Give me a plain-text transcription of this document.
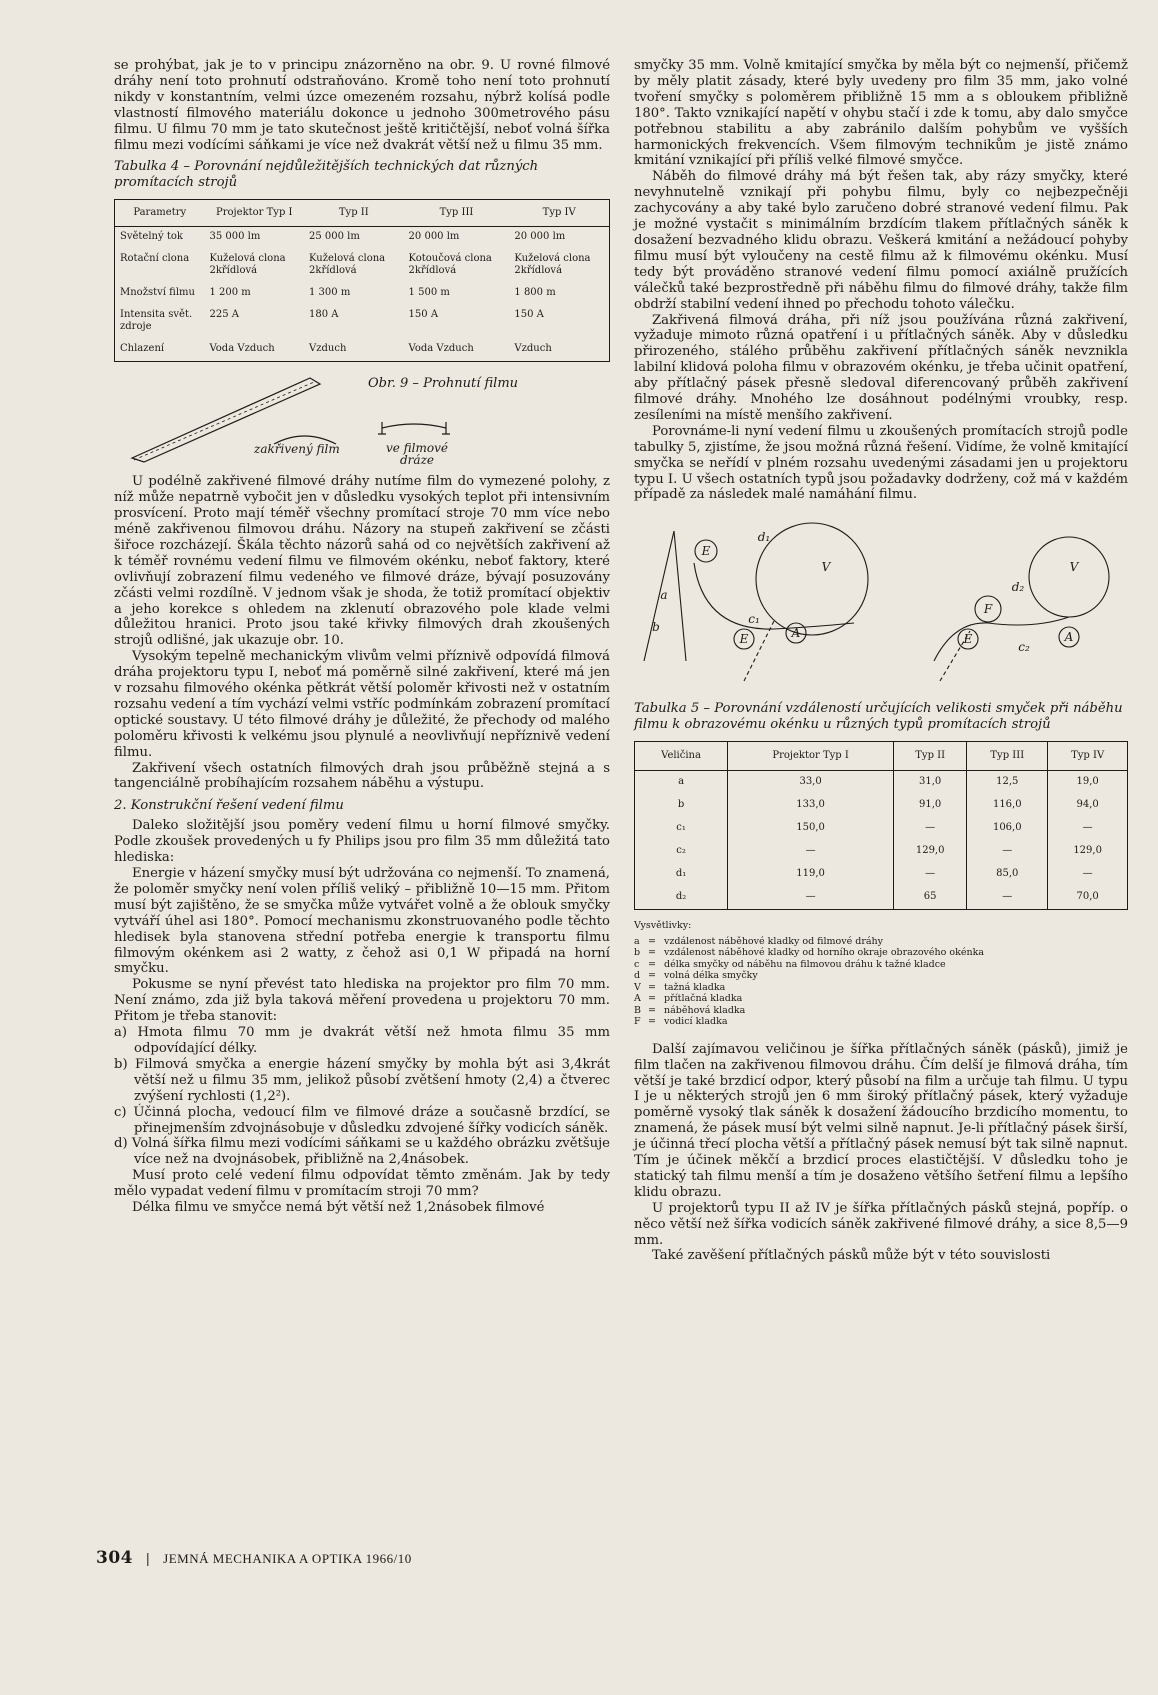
se prohýbat, jak je to v principu znázorněno na obr. 9. U rovné filmové dráhy není toto prohnutí odstraňováno. Kromě toho není toto prohnutí nikdy v konstantním, velmi úzce omezeném rozsahu, nýbrž kolísá podle vlastností filmového materiálu dokonce u jednoho 300metrového pásu filmu. U filmu 70 mm je tato skutečnost ještě kritičtější, neboť volná šířka filmu mezi vodícími sáňkami je více než dvakrát větší než u filmu 35 mm.

Tabulka 4 – Porovnání nejdůležitějších technických dat různých promítacích strojů

Parametry	Projektor Typ I	Typ II	Typ III	Typ IV
Světelný tok	35 000 lm	25 000 lm	20 000 lm	20 000 lm
Rotační clona	Kuželová clona 2křídlová	Kuželová clona 2křídlová	Kotoučová clona 2křídlová	Kuželová clona 2křídlová
Množství filmu	1 200 m	1 300 m	1 500 m	1 800 m
Intensita svět. zdroje	225 A	180 A	150 A	150 A
Chlazení	Voda Vzduch	Vzduch	Voda Vzduch	Vzduch
Obr. 9 – Prohnutí filmu
zakřivený film	ve filmové dráze

U podélně zakřivené filmové dráhy nutíme film do vymezené polohy, z níž může nepatrně vybočit jen v důsledku vysokých teplot při intensivním prosvícení. Proto mají téměř všechny promítací stroje 70 mm více nebo méně zakřivenou filmovou dráhu. Názory na stupeň zakřivení se zčásti šiřoce rozcházejí. Škála těchto názorů sahá od co největších zakřivení až k téměř rovnému vedení filmu ve filmovém okénku, neboť faktory, které ovlivňují zobrazení filmu vedeného ve filmové dráze, bývají posuzovány zčásti velmi rozdílně. V jednom však je shoda, že totiž promítací objektiv a jeho korekce s ohledem na zklenutí obrazového pole klade velmi důležitou hranici. Proto jsou také křivky filmových drah zkoušených strojů odlišné, jak ukazuje obr. 10.

Vysokým tepelně mechanickým vlivům velmi příznivě odpovídá filmová dráha projektoru typu I, neboť má poměrně silné zakřivení, které má jen v rozsahu filmového okénka pětkrát větší poloměr křivosti než v ostatním rozsahu vedení a tím vychází velmi vstříc podmínkám zobrazení promítací optické soustavy. U této filmové dráhy je důležité, že přechody od malého poloměru křivosti k velkému jsou plynulé a neovlivňují nepříznivě vedení filmu.

Zakřivení všech ostatních filmových drah jsou průběžně stejná a s tangenciálně probíhajícím rozsahem náběhu a výstupu.

2. Konstrukční řešení vedení filmu

Daleko složitější jsou poměry vedení filmu u horní filmové smyčky. Podle zkoušek provedených u fy Philips jsou pro film 35 mm důležitá tato hlediska:

Energie v házení smyčky musí být udržována co nejmenší. To znamená, že poloměr smyčky není volen příliš veliký – přibližně 10—15 mm. Přitom musí být zajištěno, že se smyčka může vytvářet volně a že oblouk smyčky vytváří úhel asi 180°. Pomocí mechanismu zkonstruovaného podle těchto hledisek byla stanovena střední potřeba energie k transportu filmu filmovým okénkem asi 2 watty, z čehož asi 0,1 W připadá na horní smyčku.

Pokusme se nyní převést tato hlediska na projektor pro film 70 mm. Není známo, zda již byla taková měření provedena u projektoru 70 mm. Přitom je třeba stanovit:

a) Hmota filmu 70 mm je dvakrát větší než hmota filmu 35 mm odpovídající délky.
b) Filmová smyčka a energie házení smyčky by mohla být asi 3,4krát větší než u filmu 35 mm, jelikož působí zvětšení hmoty (2,4) a čtverec zvýšení rychlosti (1,2²).
c) Účinná plocha, vedoucí film ve filmové dráze a současně brzdící, se přinejmenším zdvojnásobuje v důsledku zdvojené šířky vodicích sáněk.
d) Volná šířka filmu mezi vodícími sáňkami se u každého obrázku zvětšuje více než na dvojnásobek, přibližně na 2,4násobek.

Musí proto celé vedení filmu odpovídat těmto změnám. Jak by tedy mělo vypadat vedení filmu v promítacím stroji 70 mm?

Délka filmu ve smyčce nemá být větší než 1,2násobek filmové

smyčky 35 mm. Volně kmitající smyčka by měla být co nejmenší, přičemž by měly platit zásady, které byly uvedeny pro film 35 mm, jako volné tvoření smyčky s poloměrem přibližně 15 mm a s obloukem přibližně 180°. Takto vznikající napětí v ohybu stačí i zde k tomu, aby dalo smyčce potřebnou stabilitu a aby zabránilo dalším pohybům ve vyšších harmonických frekvencích. Všem filmovým technikům je jistě známo kmitání vznikající při příliš velké filmové smyčce.

Náběh do filmové dráhy má být řešen tak, aby rázy smyčky, které nevyhnutelně vznikají při pohybu filmu, byly co nejbezpečněji zachycovány a aby také bylo zaručeno dobré stranové vedení filmu. Pak je možné vystačit s minimálním brzdícím tlakem přítlačných sáněk k dosažení bezvadného klidu obrazu. Veškerá kmitání a nežádoucí pohyby filmu musí být vyloučeny na cestě filmu až k filmovému okénku. Musí tedy být prováděno stranové vedení filmu pomocí axiálně pružících válečků také bezprostředně při náběhu filmu do filmové dráhy, takže film obdrží stabilní vedení ihned po přechodu tohoto válečku.

Zakřivená filmová dráha, při níž jsou používána různá zakřivení, vyžaduje mimoto různá opatření i u přítlačných sáněk. Aby v důsledku přirozeného, stálého průběhu zakřivení přítlačných sáněk nevznikla labilní klidová poloha filmu v obrazovém okénku, je třeba učinit opatření, aby přítlačný pásek přesně sledoval diferencovaný průběh zakřivení filmové dráhy. Mnohého lze dosáhnout podélnými vroubky, resp. zesíleními na místě menšího zakřivení.

Porovnáme-li nyní vedení filmu u zkoušených promítacích strojů podle tabulky 5, zjistíme, že jsou možná různá řešení. Vidíme, že volně kmitající smyčka se neřídí v plném rozsahu uvedenými zásadami jen u projektoru typu I. U všech ostatních typů jsou požadavky dodrženy, což má v každém případě za následek malé namáhání filmu.

a
b
E
d₁
V
c₁
A
E
V
d₂
F
E
c₂
A

Tabulka 5 – Porovnání vzdáleností určujících velikosti smyček při náběhu filmu k obrazovému okénku u různých typů promítacích strojů

Veličina	Projektor Typ I	Typ II	Typ III	Typ IV
a	33,0	31,0	12,5	19,0
b	133,0	91,0	116,0	94,0
c₁	150,0	—	106,0	—
c₂	—	129,0	—	129,0
d₁	119,0	—	85,0	—
d₂	—	65	—	70,0
Vysvětlivky:
a = vzdálenost náběhové kladky od filmové dráhy
b = vzdálenost náběhové kladky od horního okraje obrazového okénka
c = délka smyčky od náběhu na filmovou dráhu k tažné kladce
d = volná délka smyčky
V = tažná kladka
A = přítlačná kladka
B = náběhová kladka
F = vodicí kladka

Další zajímavou veličinou je šířka přítlačných sáněk (pásků), jimiž je film tlačen na zakřivenou filmovou dráhu. Čím delší je filmová dráha, tím větší je také brzdicí odpor, který působí na film a určuje tah filmu. U typu I je u některých strojů jen 6 mm široký přítlačný pásek, který vyžaduje poměrně vysoký tlak sáněk k dosažení žádoucího brzdicího momentu, to znamená, že pásek musí být velmi silně napnut. Je-li přítlačný pásek širší, je účinná třecí plocha větší a přítlačný pásek nemusí být tak silně napnut. Tím je účinek měkčí a brzdicí proces elastičtější. V důsledku toho je statický tah filmu menší a tím je dosaženo většího šetření filmu a lepšího klidu obrazu.

U projektorů typu II až IV je šířka přítlačných pásků stejná, popříp. o něco větší než šířka vodicích sáněk zakřivené filmové dráhy, a sice 8,5—9 mm.

Také zavěšení přítlačných pásků může být v této souvislosti

304 | JEMNÁ MECHANIKA A OPTIKA 1966/10
